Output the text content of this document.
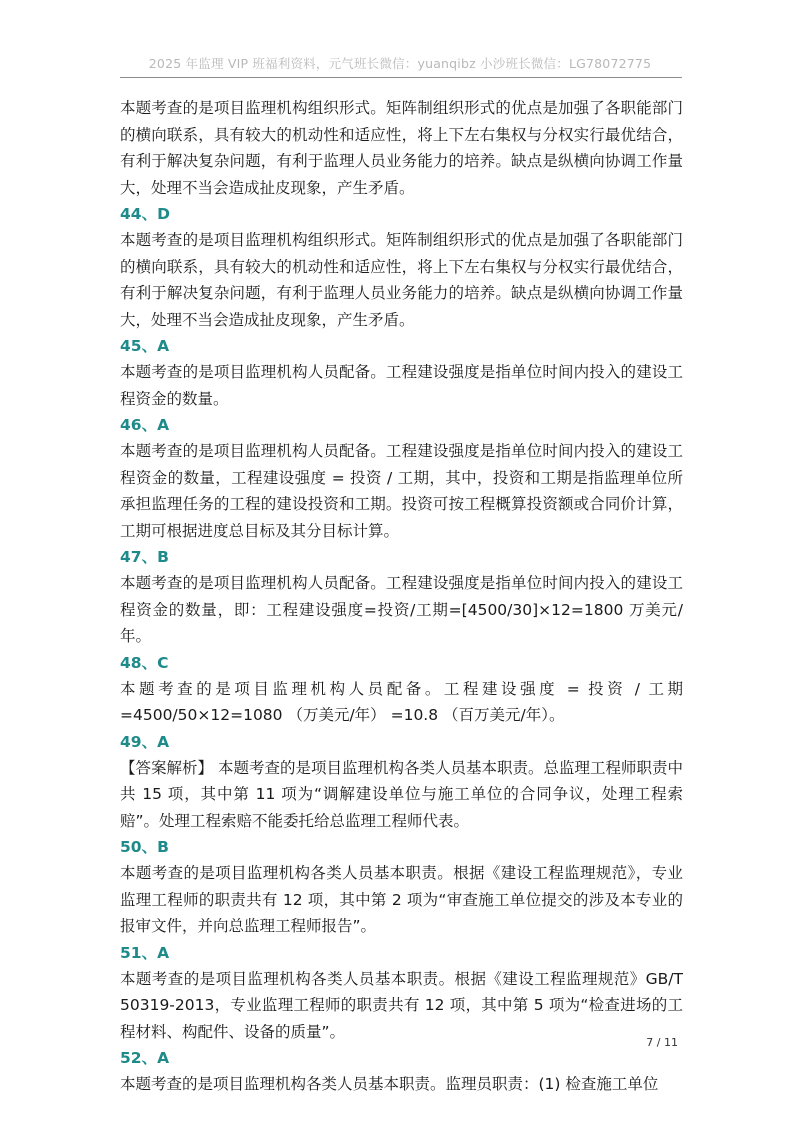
2025 年监理 VIP 班福利资料，元气班长微信：yuanqibz 小沙班长微信：LG78072775

本题考查的是项目监理机构组织形式。矩阵制组织形式的优点是加强了各职能部门的横向联系，具有较大的机动性和适应性，将上下左右集权与分权实行最优结合，有利于解决复杂问题，有利于监理人员业务能力的培养。缺点是纵横向协调工作量大，处理不当会造成扯皮现象，产生矛盾。

44、D

本题考查的是项目监理机构组织形式。矩阵制组织形式的优点是加强了各职能部门的横向联系，具有较大的机动性和适应性，将上下左右集权与分权实行最优结合，有利于解决复杂问题，有利于监理人员业务能力的培养。缺点是纵横向协调工作量大，处理不当会造成扯皮现象，产生矛盾。

45、A

本题考查的是项目监理机构人员配备。工程建设强度是指单位时间内投入的建设工程资金的数量。

46、A

本题考查的是项目监理机构人员配备。工程建设强度是指单位时间内投入的建设工程资金的数量，工程建设强度 = 投资 / 工期，其中，投资和工期是指监理单位所承担监理任务的工程的建设投资和工期。投资可按工程概算投资额或合同价计算，工期可根据进度总目标及其分目标计算。

47、B

本题考查的是项目监理机构人员配备。工程建设强度是指单位时间内投入的建设工程资金的数量，即：工程建设强度=投资/工期=[4500/30]×12=1800 万美元/年。

48、C

本题考查的是项目监理机构人员配备。工程建设强度 = 投资 / 工期 =4500/50×12=1080 （万美元/年） =10.8 （百万美元/年）。

49、A

【答案解析】 本题考查的是项目监理机构各类人员基本职责。总监理工程师职责中共 15 项，其中第 11 项为“调解建设单位与施工单位的合同争议，处理工程索赔”。处理工程索赔不能委托给总监理工程师代表。

50、B

本题考查的是项目监理机构各类人员基本职责。根据《建设工程监理规范》，专业监理工程师的职责共有 12 项，其中第 2 项为“审查施工单位提交的涉及本专业的报审文件，并向总监理工程师报告”。

51、A

本题考查的是项目监理机构各类人员基本职责。根据《建设工程监理规范》GB/T 50319-2013，专业监理工程师的职责共有 12 项，其中第 5 项为“检查进场的工程材料、构配件、设备的质量”。

52、A

本题考查的是项目监理机构各类人员基本职责。监理员职责：(1) 检查施工单位

7 / 11
